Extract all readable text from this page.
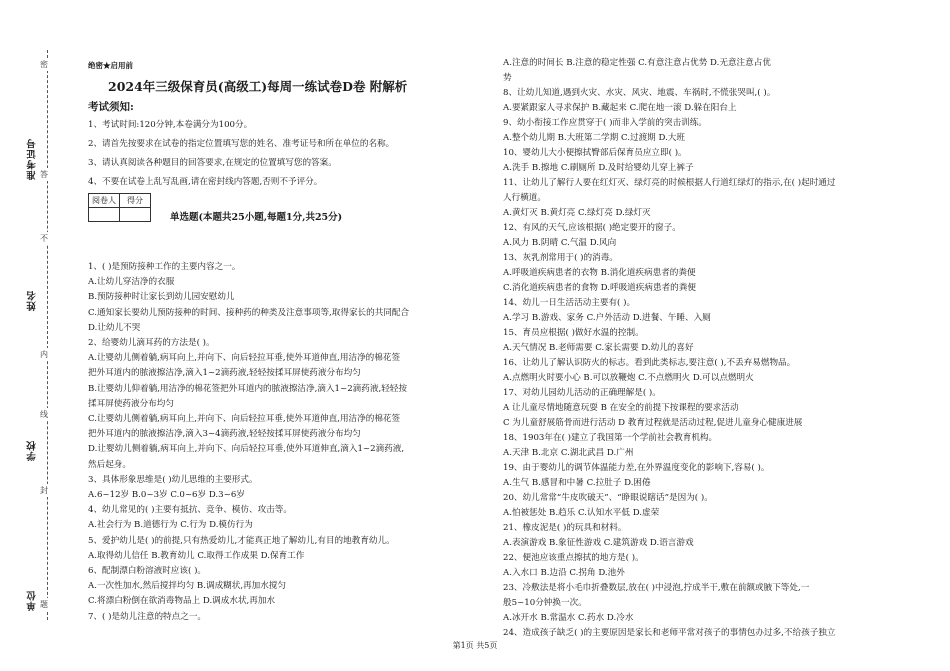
准考证号
姓名
学校
单位
密
封
线
内
不
答
题
绝密★启用前
2024年三级保育员(高级工)每周一练试卷D卷 附解析
考试须知:
1、考试时间:120分钟,本卷满分为100分。
2、请首先按要求在试卷的指定位置填写您的姓名、准考证号和所在单位的名称。
3、请认真阅读各种题目的回答要求,在规定的位置填写您的答案。
4、不要在试卷上乱写乱画,请在密封线内答题,否则不予评分。
阅卷人	得分

单选题(本题共25小题,每题1分,共25分)
1、( )是预防接种工作的主要内容之一。
A.让幼儿穿洁净的衣服
B.预防接种时让家长到幼儿园安慰幼儿
C.通知家长要幼儿预防接种的时间、接种药的种类及注意事项等,取得家长的共同配合
D.让幼儿不哭
2、给婴幼儿滴耳药的方法是( )。
A.让婴幼儿侧着躺,病耳向上,并向下、向后轻拉耳垂,使外耳道伸直,用洁净的棉花签
把外耳道内的脓液擦洁净,滴入1~2滴药液,轻轻按揉耳屏使药液分布均匀
B.让婴幼儿仰着躺,用洁净的棉花签把外耳道内的脓液擦洁净,滴入1~2滴药液,轻轻按
揉耳屏使药液分布均匀
C.让婴幼儿侧着躺,病耳向上,并向下、向后轻拉耳垂,使外耳道伸直,用洁净的棉花签
把外耳道内的脓液擦洁净,滴入3~4滴药液,轻轻按揉耳屏使药液分布均匀
D.让婴幼儿侧着躺,病耳向上,并向下、向后轻拉耳垂,使外耳道伸直,滴入1~2滴药液,
然后起身。
3、具体形象思维是( )幼儿思维的主要形式。
A.6~12岁 B.0~3岁 C.0~6岁 D.3~6岁
4、幼儿常见的( )主要有抵抗、竞争、模仿、攻击等。
A.社会行为 B.道德行为 C.行为 D.模仿行为
5、爱护幼儿是( )的前提,只有热爱幼儿,才能真正地了解幼儿,有目的地教育幼儿。
A.取得幼儿信任 B.教育幼儿 C.取得工作成果 D.保育工作
6、配制漂白粉溶液时应该( )。
A.一次性加水,然后搅拌均匀 B.调成糊状,再加水搅匀
C.将漂白粉倒在欲消毒物品上 D.调成水状,再加水
7、( )是幼儿注意的特点之一。
A.注意的时间长 B.注意的稳定性强 C.有意注意占优势 D.无意注意占优
势
8、让幼儿知道,遇到火灾、水灾、风灾、地震、车祸时,不慌张哭叫,( )。
A.要紧跟家人寻求保护 B.藏起来 C.爬在地一滚 D.躲在阳台上
9、幼小衔接工作应贯穿于( )而非入学前的突击训练。
A.整个幼儿期 B.大班第二学期 C.过渡期 D.大班
10、婴幼儿大小便擦拭臀部后保育员应立即( )。
A.洗手 B.擦地 C.刷厕所 D.及时给婴幼儿穿上裤子
11、让幼儿了解行人要在红灯灭、绿灯亮的时候根据人行道红绿灯的指示,在( )起时通过
人行横道。
A.黄灯灭 B.黄灯亮 C.绿灯亮 D.绿灯灭
12、有风的天气,应该根据( )绝定要开的窗子。
A.风力 B.阴晴 C.气温 D.风向
13、灰乳剂常用于( )的消毒。
A.呼吸道疾病患者的衣物 B.消化道疾病患者的粪便
C.消化道疾病患者的食物 D.呼吸道疾病患者的粪便
14、幼儿一日生活活动主要有( )。
A.学习 B.游戏、家务 C.户外活动 D.进餐、午睡、入厕
15、育员应根据( )做好水温的控制。
A.天气情况 B.老师需要 C.家长需要 D.幼儿的喜好
16、让幼儿了解认识防火的标志。看到此类标志,要注意( ),不丢弃易燃物品。
A.点燃明火时要小心 B.可以放鞭炮 C.不点燃明火 D.可以点燃明火
17、对幼儿园幼儿活动的正确理解是( )。
A 让儿童尽情地随意玩耍 B 在安全的前提下按课程的要求活动
C 为儿童舒展筋骨而进行活动 D 教育过程就是活动过程,促进儿童身心健康进展
18、1903年在( )建立了我国第一个学前社会教育机构。
A.天津 B.北京 C.湖北武昌 D.广州
19、由于婴幼儿的调节体温能力差,在外界温度变化的影响下,容易( )。
A.生气 B.感冒和中暑 C.拉肚子 D.困倦
20、幼儿常常“牛皮吹破天”、“睁眼说瞎话”是因为( )。
A.怕被惩处 B.趋乐 C.认知水平低 D.虚荣
21、橡皮泥是( )的玩具和材料。
A.表演游戏 B.象征性游戏 C.建筑游戏 D.语言游戏
22、便池应该重点擦拭的地方是( )。
A.入水口 B.边沿 C.拐角 D.池外
23、冷敷法是将小毛巾折叠数层,放在( )中浸泡,拧成半干,敷在前额或腋下等处,一
般5~10分钟换一次。
A.冰开水 B.常温水 C.药水 D.冷水
24、造成孩子缺乏( )的主要原因是家长和老师平常对孩子的事情包办过多,不给孩子独立
第1页 共5页
